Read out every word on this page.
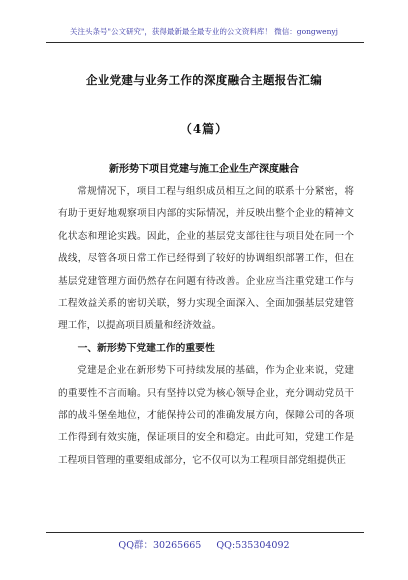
关注头条号"公文研究"，获得最新最全最专业的公文资料库！ 微信：gongwenyj
企业党建与业务工作的深度融合主题报告汇编
（4篇）
新形势下项目党建与施工企业生产深度融合

常规情况下，项目工程与组织成员相互之间的联系十分紧密，将有助于更好地观察项目内部的实际情况，并反映出整个企业的精神文化状态和理论实践。因此，企业的基层党支部往往与项目处在同一个战线，尽管各项日常工作已经得到了较好的协调组织部署工作，但在基层党建管理方面仍然存在问题有待改善。企业应当注重党建工作与工程效益关系的密切关联，努力实现全面深入、全面加强基层党建管理工作，以提高项目质量和经济效益。

一、新形势下党建工作的重要性

党建是企业在新形势下可持续发展的基础，作为企业来说，党建的重要性不言而喻。只有坚持以党为核心领导企业，充分调动党员干部的战斗堡垒地位，才能保持公司的准确发展方向，保障公司的各项工作得到有效实施，保证项目的安全和稳定。由此可知，党建工作是工程项目管理的重要组成部分，它不仅可以为工程项目部党组提供正

QQ群：30265665 QQ:535304092
